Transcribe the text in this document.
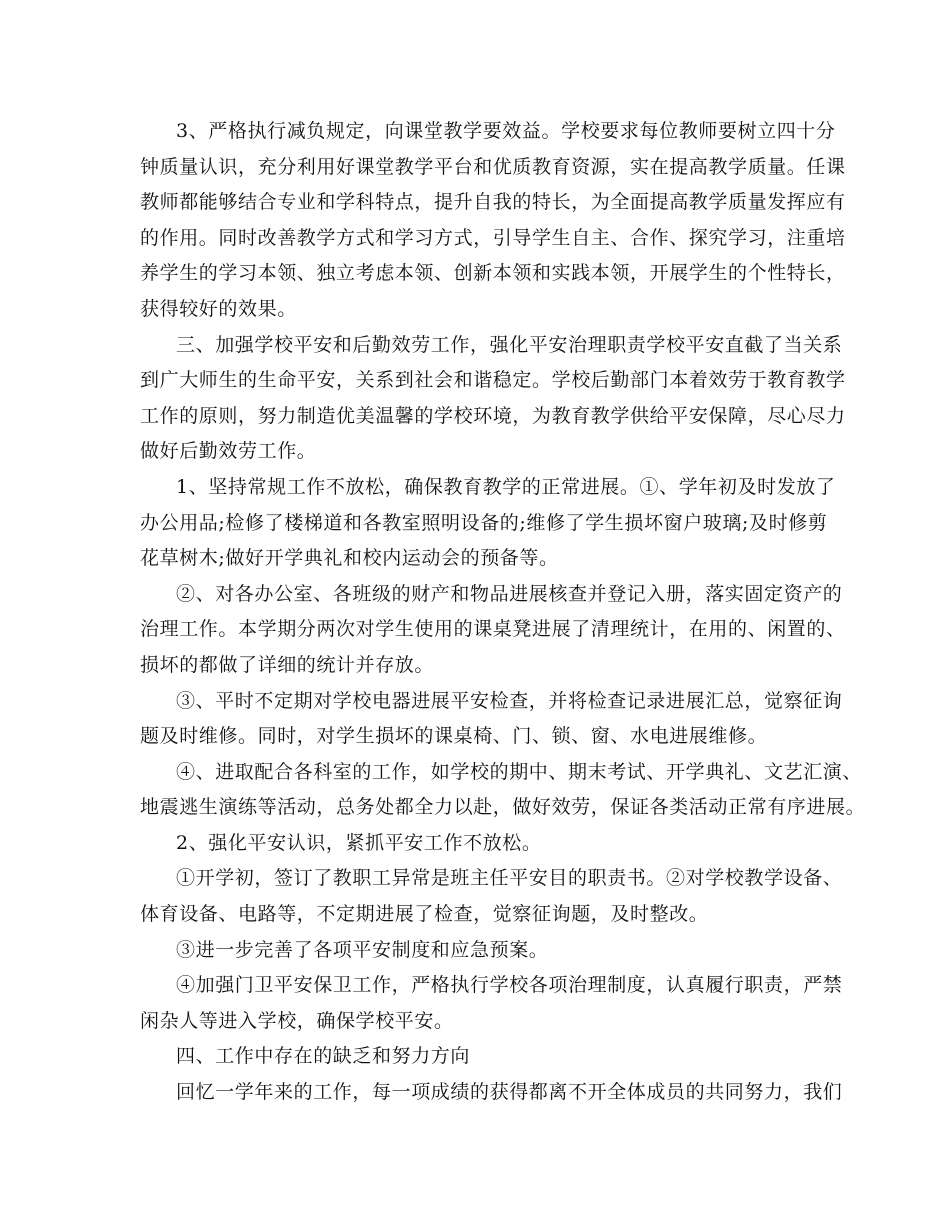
3、严格执行减负规定，向课堂教学要效益。学校要求每位教师要树立四十分
钟质量认识，充分利用好课堂教学平台和优质教育资源，实在提高教学质量。任课
教师都能够结合专业和学科特点，提升自我的特长，为全面提高教学质量发挥应有
的作用。同时改善教学方式和学习方式，引导学生自主、合作、探究学习，注重培
养学生的学习本领、独立考虑本领、创新本领和实践本领，开展学生的个性特长，
获得较好的效果。
三、加强学校平安和后勤效劳工作，强化平安治理职责学校平安直截了当关系
到广大师生的生命平安，关系到社会和谐稳定。学校后勤部门本着效劳于教育教学
工作的原则，努力制造优美温馨的学校环境，为教育教学供给平安保障，尽心尽力
做好后勤效劳工作。
1、坚持常规工作不放松，确保教育教学的正常进展。①、学年初及时发放了
办公用品;检修了楼梯道和各教室照明设备的;维修了学生损坏窗户玻璃;及时修剪
花草树木;做好开学典礼和校内运动会的预备等。
②、对各办公室、各班级的财产和物品进展核查并登记入册，落实固定资产的
治理工作。本学期分两次对学生使用的课桌凳进展了清理统计，在用的、闲置的、
损坏的都做了详细的统计并存放。
③、平时不定期对学校电器进展平安检查，并将检查记录进展汇总，觉察征询
题及时维修。同时，对学生损坏的课桌椅、门、锁、窗、水电进展维修。
④、进取配合各科室的工作，如学校的期中、期末考试、开学典礼、文艺汇演、
地震逃生演练等活动，总务处都全力以赴，做好效劳，保证各类活动正常有序进展。
2、强化平安认识，紧抓平安工作不放松。
①开学初，签订了教职工异常是班主任平安目的职责书。②对学校教学设备、
体育设备、电路等，不定期进展了检查，觉察征询题，及时整改。
③进一步完善了各项平安制度和应急预案。
④加强门卫平安保卫工作，严格执行学校各项治理制度，认真履行职责，严禁
闲杂人等进入学校，确保学校平安。
四、工作中存在的缺乏和努力方向
回忆一学年来的工作，每一项成绩的获得都离不开全体成员的共同努力，我们
